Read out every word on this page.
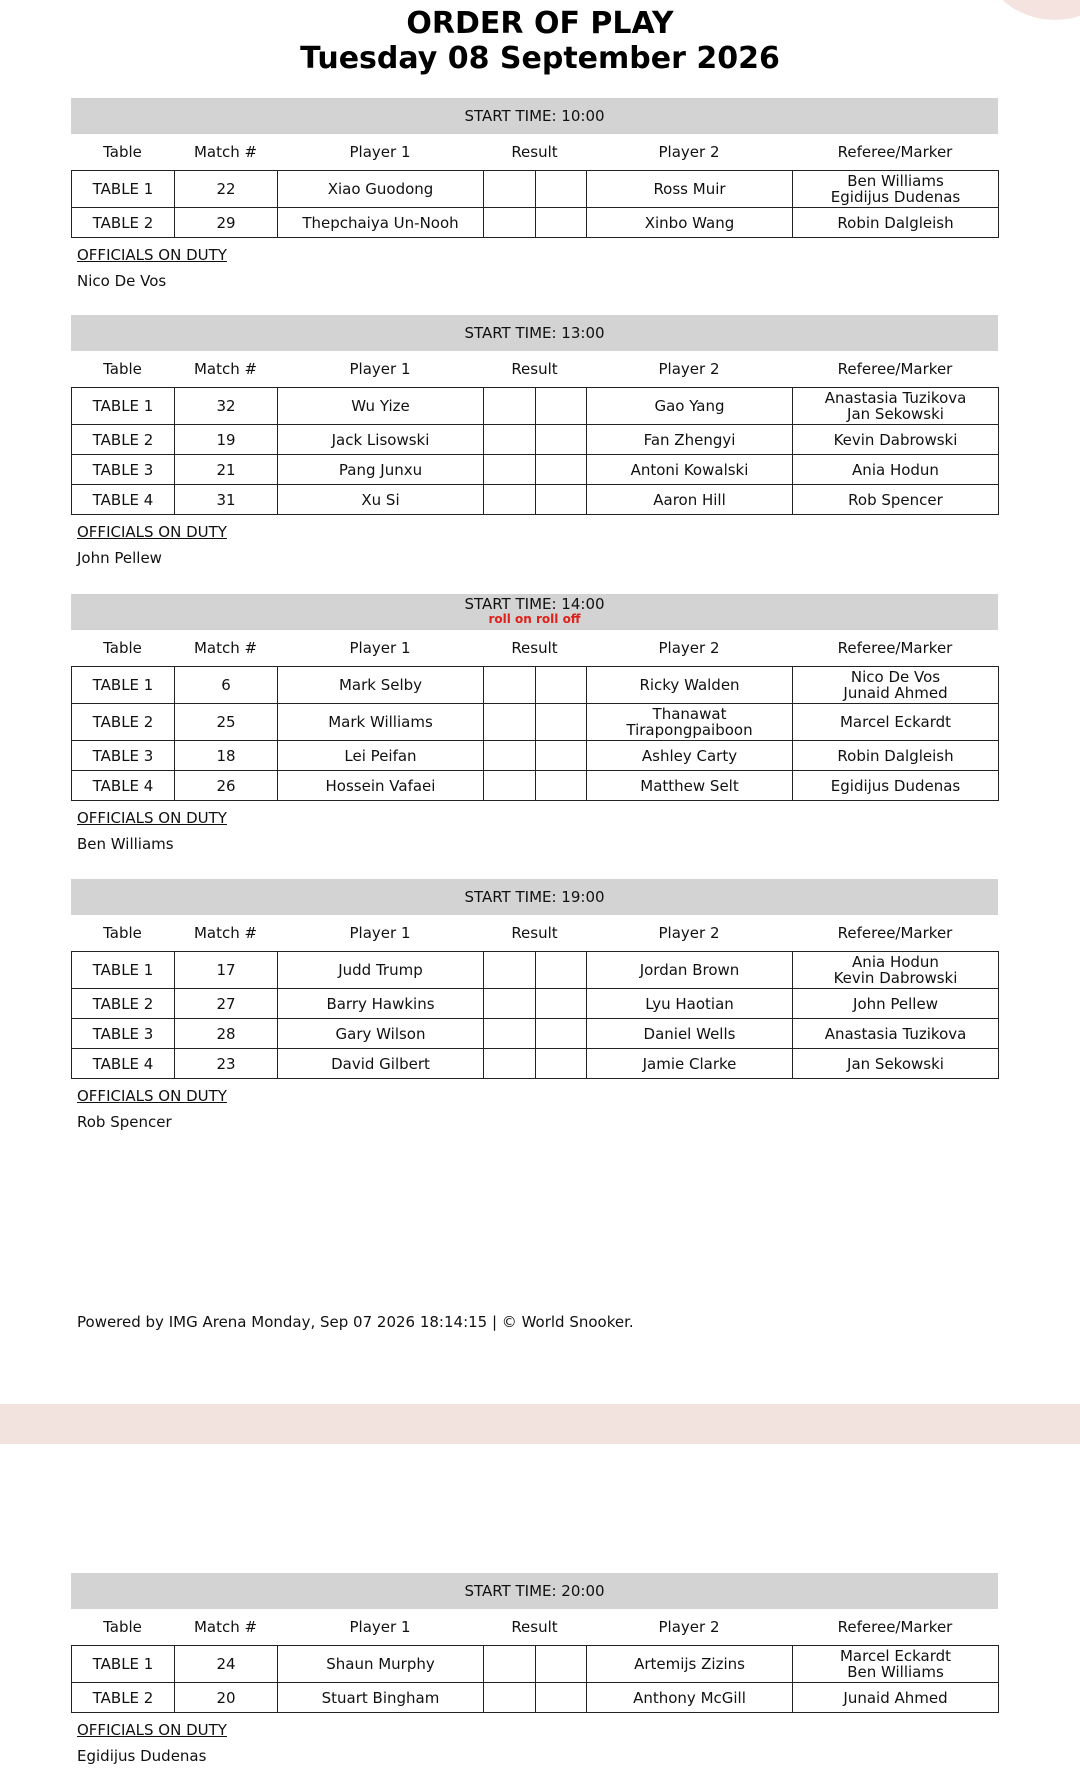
ORDER OF PLAY
Tuesday 08 September 2026
START TIME: 10:00
Table	Match #	Player 1	Result	Player 2	Referee/Marker
TABLE 1	22	Xiao Guodong			Ross Muir	Ben Williams
Egidijus Dudenas

TABLE 2	29	Thepchaiya Un-Nooh			Xinbo Wang	Robin Dalgleish
OFFICIALS ON DUTY
Nico De Vos
START TIME: 13:00
Table	Match #	Player 1	Result	Player 2	Referee/Marker
TABLE 1	32	Wu Yize			Gao Yang	Anastasia Tuzikova
Jan Sekowski

TABLE 2	19	Jack Lisowski			Fan Zhengyi	Kevin Dabrowski

TABLE 3	21	Pang Junxu			Antoni Kowalski	Ania Hodun

TABLE 4	31	Xu Si			Aaron Hill	Rob Spencer
OFFICIALS ON DUTY
John Pellew
START TIME: 14:00
roll on roll off
Table	Match #	Player 1	Result	Player 2	Referee/Marker
TABLE 1	6	Mark Selby			Ricky Walden	Nico De Vos
Junaid Ahmed

TABLE 2	25	Mark Williams			Thanawat Tirapongpaiboon	Marcel Eckardt

TABLE 3	18	Lei Peifan			Ashley Carty	Robin Dalgleish

TABLE 4	26	Hossein Vafaei			Matthew Selt	Egidijus Dudenas
OFFICIALS ON DUTY
Ben Williams
START TIME: 19:00
Table	Match #	Player 1	Result	Player 2	Referee/Marker
TABLE 1	17	Judd Trump			Jordan Brown	Ania Hodun
Kevin Dabrowski

TABLE 2	27	Barry Hawkins			Lyu Haotian	John Pellew

TABLE 3	28	Gary Wilson			Daniel Wells	Anastasia Tuzikova

TABLE 4	23	David Gilbert			Jamie Clarke	Jan Sekowski
OFFICIALS ON DUTY
Rob Spencer
START TIME: 20:00
Table	Match #	Player 1	Result	Player 2	Referee/Marker
TABLE 1	24	Shaun Murphy			Artemijs Zizins	Marcel Eckardt
Ben Williams

TABLE 2	20	Stuart Bingham			Anthony McGill	Junaid Ahmed
OFFICIALS ON DUTY
Egidijus Dudenas
Powered by IMG Arena Monday, Sep 07 2026 18:14:15 | © World Snooker.
